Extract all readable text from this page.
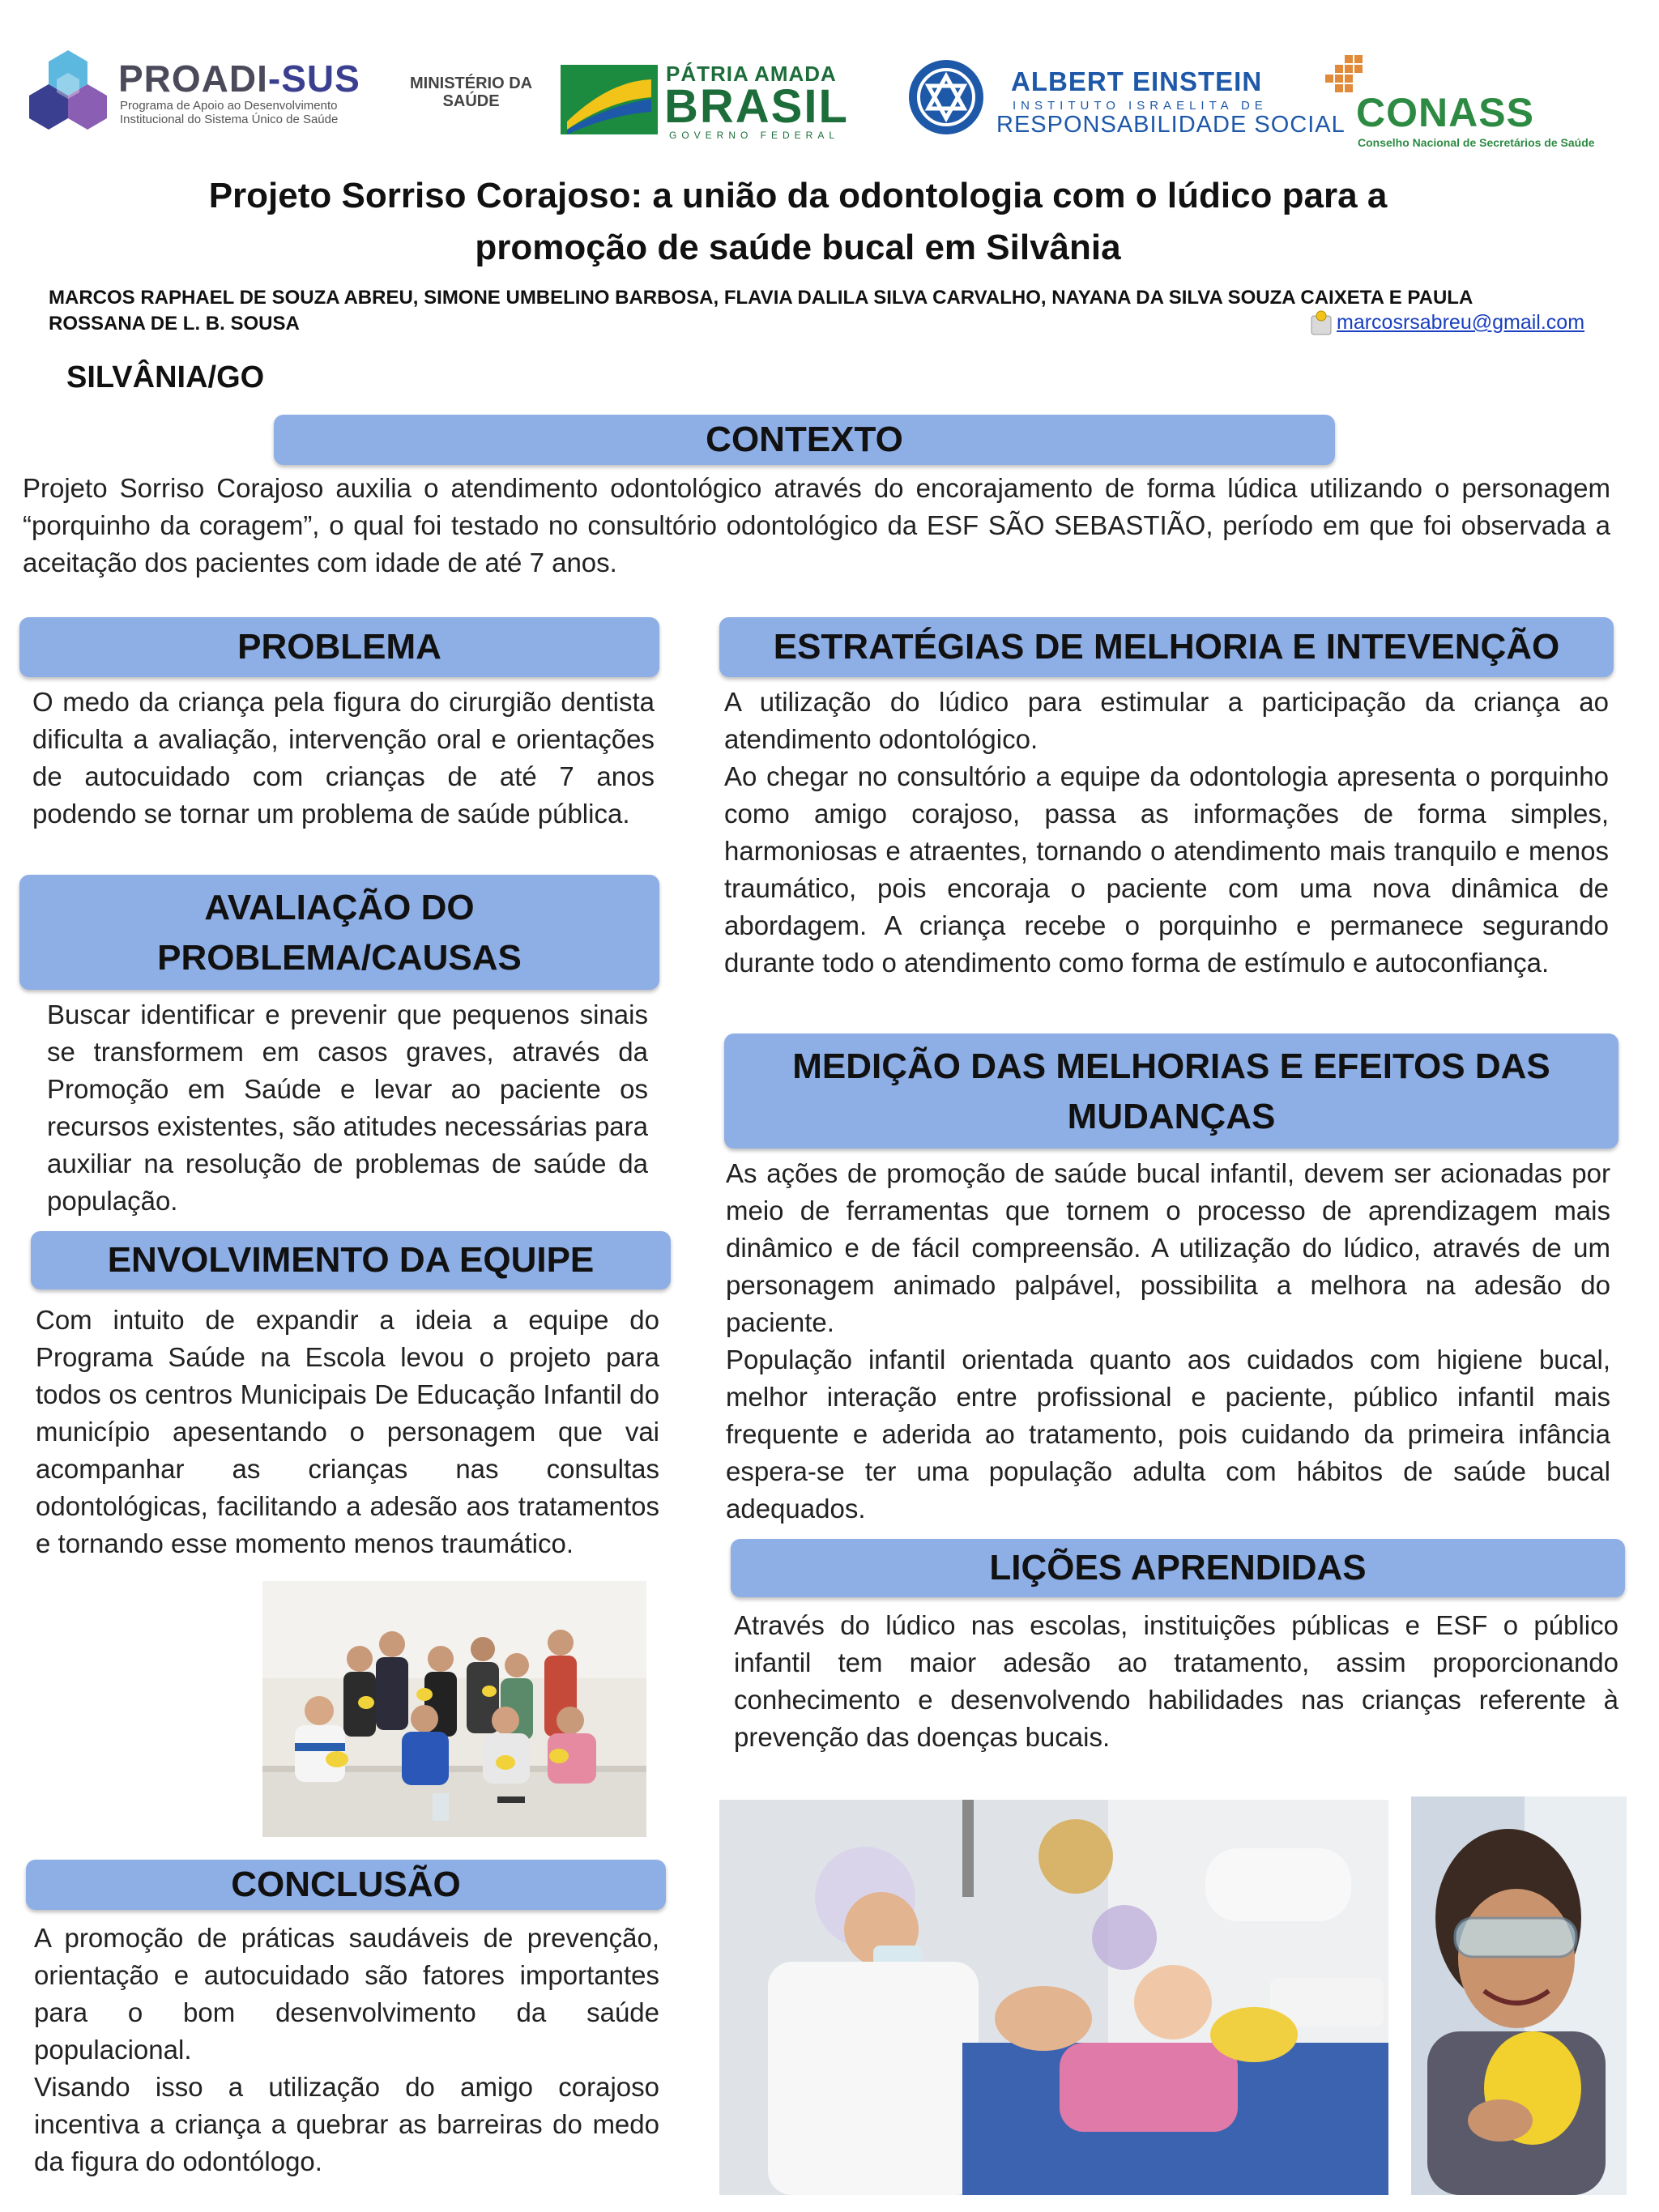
PROADI-SUS
Programa de Apoio ao Desenvolvimento
Institucional do Sistema Único de Saúde
MINISTÉRIO DA
SAÚDE
PÁTRIA AMADA
BRASIL
GOVERNO FEDERAL
ALBERT EINSTEIN
INSTITUTO ISRAELITA DE
RESPONSABILIDADE SOCIAL CONASS
Conselho Nacional de Secretários de Saúde
Projeto Sorriso Corajoso: a união da odontologia com o lúdico para a
promoção de saúde bucal em Silvânia
MARCOS RAPHAEL DE SOUZA ABREU, SIMONE UMBELINO BARBOSA, FLAVIA DALILA SILVA CARVALHO, NAYANA DA SILVA SOUZA CAIXETA E PAULA
ROSSANA DE L. B. SOUSA	marcosrsabreu@gmail.com
SILVÂNIA/GO
CONTEXTO

Projeto Sorriso Corajoso auxilia o atendimento odontológico através do encorajamento de forma lúdica utilizando o personagem “porquinho da coragem”, o qual foi testado no consultório odontológico da ESF SÃO SEBASTIÃO, período em que foi observada a aceitação dos pacientes com idade de até 7 anos.

PROBLEMA

O medo da criança pela figura do cirurgião dentista dificulta a avaliação, intervenção oral e orientações de autocuidado com crianças de até 7 anos podendo se tornar um problema de saúde pública.

AVALIAÇÃO DO
PROBLEMA/CAUSAS

Buscar identificar e prevenir que pequenos sinais se transformem em casos graves, através da Promoção em Saúde e levar ao paciente os recursos existentes, são atitudes necessárias para auxiliar na resolução de problemas de saúde da população.

ENVOLVIMENTO DA EQUIPE

Com intuito de expandir a ideia a equipe do Programa Saúde na Escola levou o projeto para todos os centros Municipais De Educação Infantil do município apesentando o personagem que vai acompanhar as crianças nas consultas odontológicas, facilitando a adesão aos tratamentos e tornando esse momento menos traumático.

CONCLUSÃO

A promoção de práticas saudáveis de prevenção, orientação e autocuidado são fatores importantes para o bom desenvolvimento da saúde populacional.

Visando isso a utilização do amigo corajoso incentiva a criança a quebrar as barreiras do medo da figura do odontólogo.

ESTRATÉGIAS DE MELHORIA E INTEVENÇÃO

A utilização do lúdico para estimular a participação da criança ao atendimento odontológico.

Ao chegar no consultório a equipe da odontologia apresenta o porquinho como amigo corajoso, passa as informações de forma simples, harmoniosas e atraentes, tornando o atendimento mais tranquilo e menos traumático, pois encoraja o paciente com uma nova dinâmica de abordagem. A criança recebe o porquinho e permanece segurando durante todo o atendimento como forma de estímulo e autoconfiança.

MEDIÇÃO DAS MELHORIAS E EFEITOS DAS
MUDANÇAS

As ações de promoção de saúde bucal infantil, devem ser acionadas por meio de ferramentas que tornem o processo de aprendizagem mais dinâmico e de fácil compreensão. A utilização do lúdico, através de um personagem animado palpável, possibilita a melhora na adesão do paciente.

População infantil orientada quanto aos cuidados com higiene bucal, melhor interação entre profissional e paciente, público infantil mais frequente e aderida ao tratamento, pois cuidando da primeira infância espera-se ter uma população adulta com hábitos de saúde bucal adequados.

LIÇÕES APRENDIDAS

Através do lúdico nas escolas, instituições públicas e ESF o público infantil tem maior adesão ao tratamento, assim proporcionando conhecimento e desenvolvendo habilidades nas crianças referente à prevenção das doenças bucais.
